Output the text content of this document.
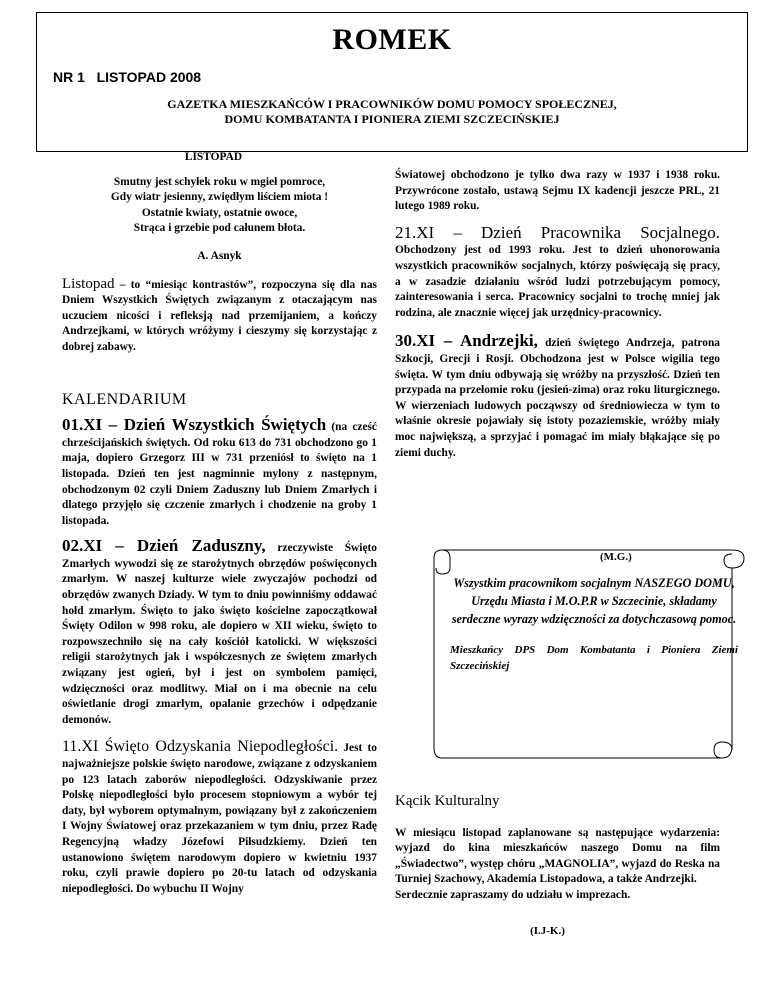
ROMEK
NR 1   LISTOPAD 2008
GAZETKA MIESZKAŃCÓW I PRACOWNIKÓW DOMU POMOCY SPOŁECZNEJ,
DOMU KOMBATANTA I PIONIERA ZIEMI SZCZECIŃSKIEJ
LISTOPAD
Smutny jest schyłek roku w mgieł pomroce,
Gdy wiatr jesienny, zwiędłym liściem miota !
Ostatnie kwiaty, ostatnie owoce,
Strąca i grzebie pod całunem błota.
A. Asnyk

Listopad – to “miesiąc kontrastów”, rozpoczyna się dla nas Dniem Wszystkich Świętych związanym z otaczającym nas uczuciem nicości i refleksją nad przemijaniem, a kończy Andrzejkami, w których wróżymy i cieszymy się korzystając z dobrej zabawy.

KALENDARIUM

01.XI – Dzień Wszystkich Świętych (na cześć chrześcijańskich świętych. Od roku 613 do 731 obchodzono go 1 maja, dopiero Grzegorz III w 731 przeniósł to święto na 1 listopada. Dzień ten jest nagminnie mylony z następnym, obchodzonym 02 czyli Dniem Zaduszny lub Dniem Zmarłych i dlatego przyjęło się czczenie zmarłych i chodzenie na groby 1 listopada.

02.XI – Dzień Zaduszny, rzeczywiste Święto Zmarłych wywodzi się ze starożytnych obrzędów poświęconych zmarłym. W naszej kulturze wiele zwyczajów pochodzi od obrzędów zwanych Dziady. W tym to dniu powinniśmy oddawać hołd zmarłym. Święto to jako święto kościelne zapoczątkował Święty Odilon w 998 roku, ale dopiero w XII wieku, święto to rozpowszechniło się na cały kościół katolicki. W większości religii starożytnych jak i współczesnych ze świętem zmarłych związany jest ogień, był i jest on symbolem pamięci, wdzięczności oraz modlitwy. Miał on i ma obecnie na celu oświetlanie drogi zmarłym, opalanie grzechów i odpędzanie demonów.

11.XI Święto Odzyskania Niepodległości. Jest to najważniejsze polskie święto narodowe, związane z odzyskaniem po 123 latach zaborów niepodległości. Odzyskiwanie przez Polskę niepodległości było procesem stopniowym a wybór tej daty, był wyborem optymalnym, powiązany był z zakończeniem I Wojny Światowej oraz przekazaniem w tym dniu, przez Radę Regencyjną władzy Józefowi Piłsudzkiemy. Dzień ten ustanowiono świętem narodowym dopiero w kwietniu 1937 roku, czyli prawie dopiero po 20-tu latach od odzyskania niepodległości. Do wybuchu II Wojny

Światowej obchodzono je tylko dwa razy w 1937 i 1938 roku. Przywrócone zostało, ustawą Sejmu IX kadencji jeszcze PRL, 21 lutego 1989 roku.

21.XI – Dzień Pracownika Socjalnego. Obchodzony jest od 1993 roku. Jest to dzień uhonorowania wszystkich pracowników socjalnych, którzy poświęcają się pracy, a w zasadzie działaniu wśród ludzi potrzebującym pomocy, zainteresowania i serca. Pracownicy socjalni to trochę mniej jak rodzina, ale znacznie więcej jak urzędnicy-pracownicy.

30.XI – Andrzejki, dzień świętego Andrzeja, patrona Szkocji, Grecji i Rosji. Obchodzona jest w Polsce wigilia tego święta. W tym dniu odbywają się wróżby na przyszłość. Dzień ten przypada na przełomie roku (jesień-zima) oraz roku liturgicznego. W wierzeniach ludowych począwszy od średniowiecza w tym to właśnie okresie pojawiały się istoty pozaziemskie, wróżby miały moc największą, a sprzyjać i pomagać im miały błąkające się po ziemi duchy.

(M.G.)
Wszystkim pracownikom socjalnym NASZEGO DOMU, Urzędu Miasta i M.O.P.R w Szczecinie, składamy serdeczne wyrazy wdzięczności za dotychczasową pomoc.
Mieszkańcy DPS Dom Kombatanta i Pioniera Ziemi Szczecińskiej
Kącik Kulturalny

W miesiącu listopad zaplanowane są następujące wydarzenia: wyjazd do kina mieszkańców naszego Domu na film „Świadectwo”, występ chóru „MAGNOLIA”, wyjazd do Reska na Turniej Szachowy, Akademia Listopadowa, a także Andrzejki.

Serdecznie zapraszamy do udziału w imprezach.

(I.J-K.)
